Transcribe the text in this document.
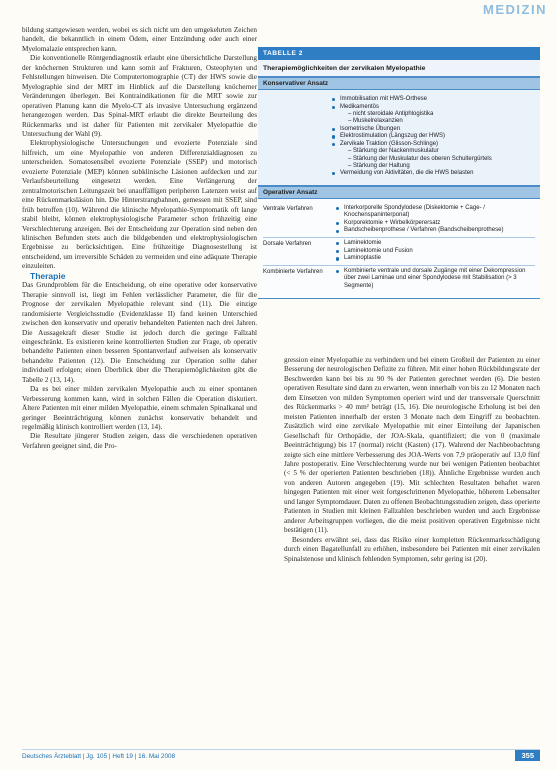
MEDIZIN

bildung stattgewiesen werden, wobei es sich nicht um den umgekehrten Zeichen handelt, die bekanntlich in einem Ödem, einer Entzündung oder auch einer Myelomalazie entsprechen kann.

Die konventionelle Röntgendiagnostik erlaubt eine übersichtliche Darstellung der knöchernen Strukturen und kann somit auf Frakturen, Osteophyten und Fehlstellungen hinweisen. Die Computertomographie (CT) der HWS sowie die Myelographie sind der MRT im Hinblick auf die Darstellung knöcherner Veränderungen überlegen. Bei Kontraindikationen für die MRT sowie zur operativen Planung kann die Myelo-CT als invasive Untersuchung ergänzend herangezogen werden. Das Spinal-MRT erlaubt die direkte Beurteilung des Rückenmarks und ist daher für Patienten mit zervikaler Myelopathie die Untersuchung der Wahl (9).

Elektrophysiologische Untersuchungen und evozierte Potenziale sind hilfreich, um eine Myelopathie von anderen Differenzialdiagnosen zu unterscheiden. Somatosensibel evozierte Potenziale (SSEP) und motorisch evozierte Potenziale (MEP) können subklinische Läsionen aufdecken und zur Verlaufsbeurteilung eingesetzt werden. Eine Verlängerung der zentralmotorischen Leitungszeit bei unauffälligen peripheren Latenzen weist auf eine Rückenmarksläsion hin. Die Hinterstrangbahnen, gemessen mit SSEP, sind früh betroffen (10). Während die klinische Myelopathie-Symptomatik oft lange stabil bleibt, können elektrophysiologische Parameter schon frühzeitig eine Verschlechterung anzeigen. Bei der Entscheidung zur Operation sind neben den klinischen Befunden stets auch die bildgebenden und elektrophysiologischen Ergebnisse zu berücksichtigen. Eine frühzeitige Diagnosestellung ist entscheidend, um irreversible Schäden zu vermeiden und eine adäquate Therapie einzuleiten.

Therapie

Das Grundproblem für die Entscheidung, ob eine operative oder konservative Therapie sinnvoll ist, liegt im Fehlen verlässlicher Parameter, die für die Prognose der zervikalen Myelopathie relevant sind (11). Die einzige randomisierte Vergleichsstudie (Evidenzklasse II) fand keinen Unterschied zwischen den konservativ und operativ behandelten Patienten nach drei Jahren. Die Aussagekraft dieser Studie ist jedoch durch die geringe Fallzahl eingeschränkt. Es existieren keine kontrollierten Studien zur Frage, ob operativ behandelte Patienten einen besseren Spontanverlauf aufweisen als konservativ behandelte Patienten (12). Die Entscheidung zur Operation sollte daher individuell erfolgen; einen Überblick über die Therapiemöglichkeiten gibt die Tabelle 2 (13, 14).

Da es bei einer milden zervikalen Myelopathie auch zu einer spontanen Verbesserung kommen kann, wird in solchen Fällen die Operation diskutiert. Ältere Patienten mit einer milden Myelopathie, einem schmalen Spinalkanal und geringer Beeinträchtigung können zunächst konservativ behandelt und regelmäßig klinisch kontrolliert werden (13, 14).

Die Resultate jüngerer Studien zeigen, dass die verschiedenen operativen Verfahren geeignet sind, die Pro-

TABELLE 2
Therapiemöglichkeiten der zervikalen Myelopathie
Konservativer Ansatz
Immobilisation mit HWS-Orthese
Medikamentös
– nicht steroidale Antiphlogistika
– Muskelrelaxanzien
Isometrische Übungen
Elektrostimulation (Längszug der HWS)
Zervikale Traktion (Glisson-Schlinge)
– Stärkung der Nackenmuskulatur
– Stärkung der Muskulatur des oberen Schultergürtels
– Stärkung der Haltung
Vermeidung von Aktivitäten, die die HWS belasten
Operativer Ansatz
Ventrale Verfahren	Interkorporelle Spondylodese (Diskektomie + Cage- / Knochenspaninterponat)
Korporektomie + Wirbelkörperersatz
Bandscheibenprothese / Verfahren (Bandscheibenprothese)
Dorsale Verfahren	Laminektomie
Laminektomie und Fusion
Laminoplastie
Kombinierte Verfahren	Kombinierte ventrale und dorsale Zugänge mit einer Dekompression über zwei Laminae und einer Spondylodese mit Stabilisation (> 3 Segmente)

gression einer Myelopathie zu verhindern und bei einem Großteil der Patienten zu einer Besserung der neurologischen Defizite zu führen. Mit einer hohen Rückbildungsrate der Beschwerden kann bei bis zu 90 % der Patienten gerechnet werden (6). Die besten operativen Resultate sind dann zu erwarten, wenn innerhalb von bis zu 12 Monaten nach dem Einsetzen von milden Symptomen operiert wird und der transversale Querschnitt des Rückenmarks > 40 mm² beträgt (15, 16). Die neurologische Erholung ist bei den meisten Patienten innerhalb der ersten 3 Monate nach dem Eingriff zu beobachten. Zusätzlich wird eine zervikale Myelopathie mit einer Einteilung der Japanischen Gesellschaft für Orthopädie, der JOA-Skala, quantifiziert; die von 0 (maximale Beeinträchtigung) bis 17 (normal) reicht (Kasten) (17). Wahrend der Nachbeobachtung zeigte sich eine mittlere Verbesserung des JOA-Werts von 7,9 präoperativ auf 13,0 fünf Jahre postoperativ. Eine Verschlechterung wurde nur bei wenigen Patienten beobachtet (< 5 % der operierten Patienten beschrieben (18)). Ähnliche Ergebnisse wurden auch von anderen Autoren angegeben (19). Mit schlechten Resultaten behaftet waren hingegen Patienten mit einer weit fortgeschrittenen Myelopathie, höherem Lebensalter und langer Symptomdauer. Daten zu offenen Beobachtungsstudien zeigen, dass operierte Patienten in Studien mit kleinen Fallzahlen beschrieben wurden und auch Ergebnisse anderer Arbeitsgruppen vorliegen, die die meist positiven operativen Ergebnisse nicht bestätigen (11).

Besonders erwähnt sei, dass das Risiko einer kompletten Rückenmarksschädigung durch einen Bagatellunfall zu erhöhen, insbesondere bei Patienten mit einer zervikalen Spinalstenose und klinisch fehlenden Symptomen, sehr gering ist (20).

Deutsches Ärzteblatt | Jg. 105 | Heft 19 | 16. Mai 2008	355
